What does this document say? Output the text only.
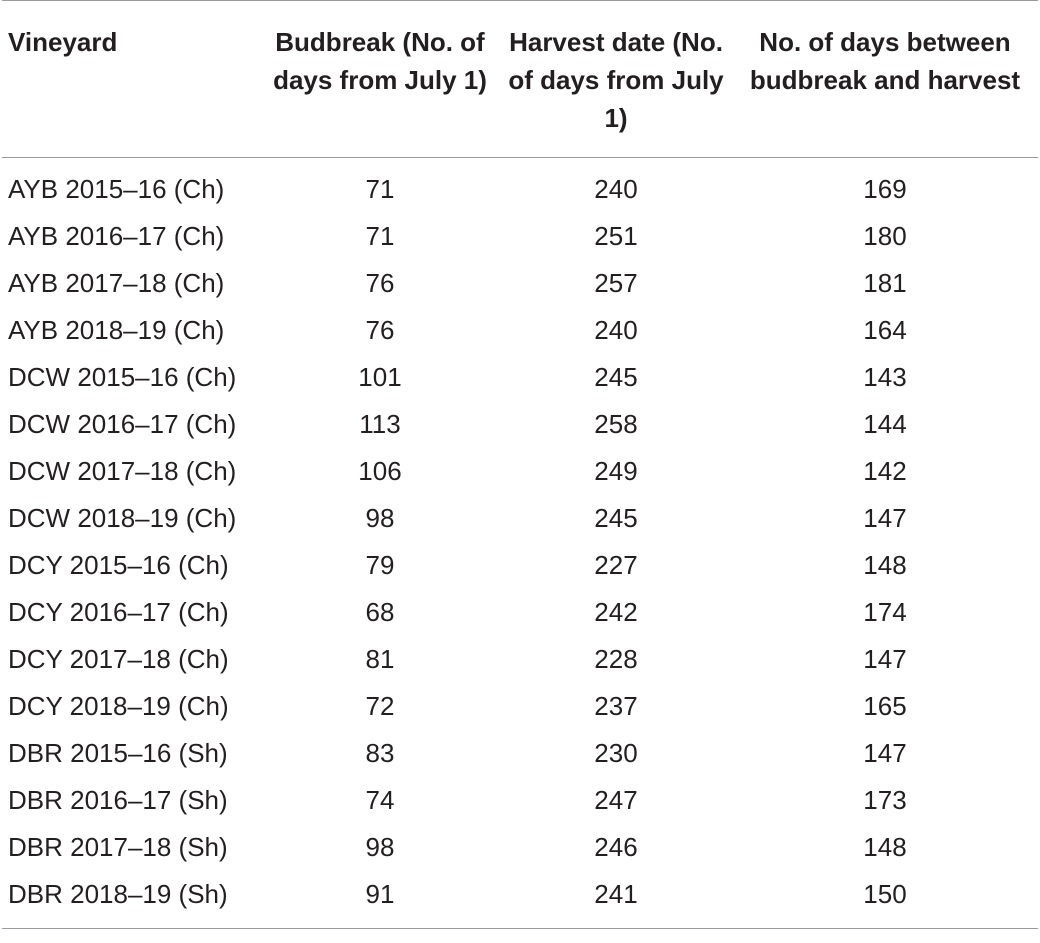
Vineyard	Budbreak (No. of days from July 1)	Harvest date (No. of days from July 1)	No. of days between budbreak and harvest
AYB 2015–16 (Ch)	71	240	169
AYB 2016–17 (Ch)	71	251	180
AYB 2017–18 (Ch)	76	257	181
AYB 2018–19 (Ch)	76	240	164
DCW 2015–16 (Ch)	101	245	143
DCW 2016–17 (Ch)	113	258	144
DCW 2017–18 (Ch)	106	249	142
DCW 2018–19 (Ch)	98	245	147
DCY 2015–16 (Ch)	79	227	148
DCY 2016–17 (Ch)	68	242	174
DCY 2017–18 (Ch)	81	228	147
DCY 2018–19 (Ch)	72	237	165
DBR 2015–16 (Sh)	83	230	147
DBR 2016–17 (Sh)	74	247	173
DBR 2017–18 (Sh)	98	246	148
DBR 2018–19 (Sh)	91	241	150
